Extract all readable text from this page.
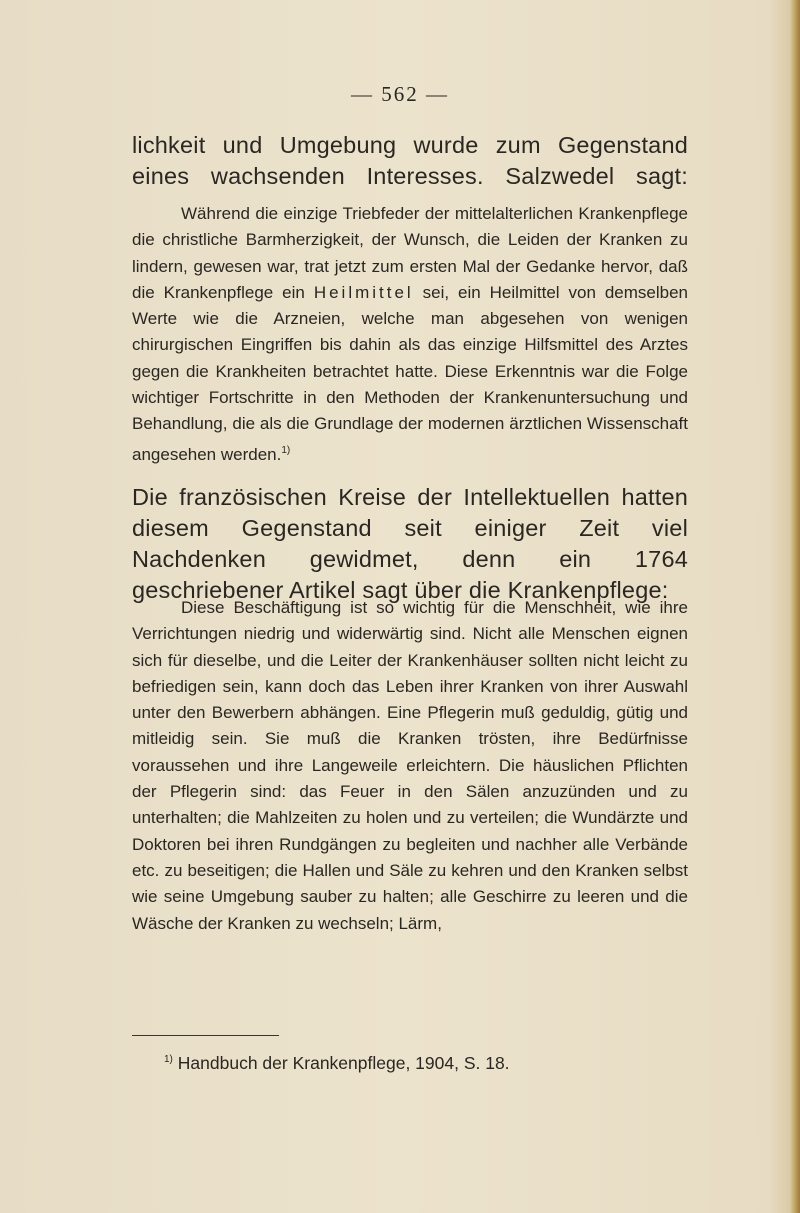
— 562 —
lichkeit und Umgebung wurde zum Gegenstand eines wachsenden Interesses. Salzwedel sagt:
Während die einzige Triebfeder der mittelalterlichen Krankenpflege die christliche Barmherzigkeit, der Wunsch, die Leiden der Kranken zu lindern, gewesen war, trat jetzt zum ersten Mal der Gedanke hervor, daß die Krankenpflege ein Heilmittel sei, ein Heilmittel von demselben Werte wie die Arzneien, welche man abgesehen von wenigen chirurgischen Eingriffen bis dahin als das einzige Hilfsmittel des Arztes gegen die Krankheiten betrachtet hatte. Diese Erkenntnis war die Folge wichtiger Fortschritte in den Methoden der Krankenuntersuchung und Behandlung, die als die Grundlage der modernen ärztlichen Wissenschaft angesehen werden.$^{1)}$
Die französischen Kreise der Intellektuellen hatten diesem Gegenstand seit einiger Zeit viel Nachdenken gewidmet, denn ein 1764 geschriebener Artikel sagt über die Krankenpflege:
Diese Beschäftigung ist so wichtig für die Menschheit, wie ihre Verrichtungen niedrig und widerwärtig sind. Nicht alle Menschen eignen sich für dieselbe, und die Leiter der Krankenhäuser sollten nicht leicht zu befriedigen sein, kann doch das Leben ihrer Kranken von ihrer Auswahl unter den Bewerbern abhängen. Eine Pflegerin muß geduldig, gütig und mitleidig sein. Sie muß die Kranken trösten, ihre Bedürfnisse voraussehen und ihre Langeweile erleichtern. Die häuslichen Pflichten der Pflegerin sind: das Feuer in den Sälen anzuzünden und zu unterhalten; die Mahlzeiten zu holen und zu verteilen; die Wundärzte und Doktoren bei ihren Rundgängen zu begleiten und nachher alle Verbände etc. zu beseitigen; die Hallen und Säle zu kehren und den Kranken selbst wie seine Umgebung sauber zu halten; alle Geschirre zu leeren und die Wäsche der Kranken zu wechseln; Lärm,
$^{1)}$ Handbuch der Krankenpflege, 1904, S. 18.
